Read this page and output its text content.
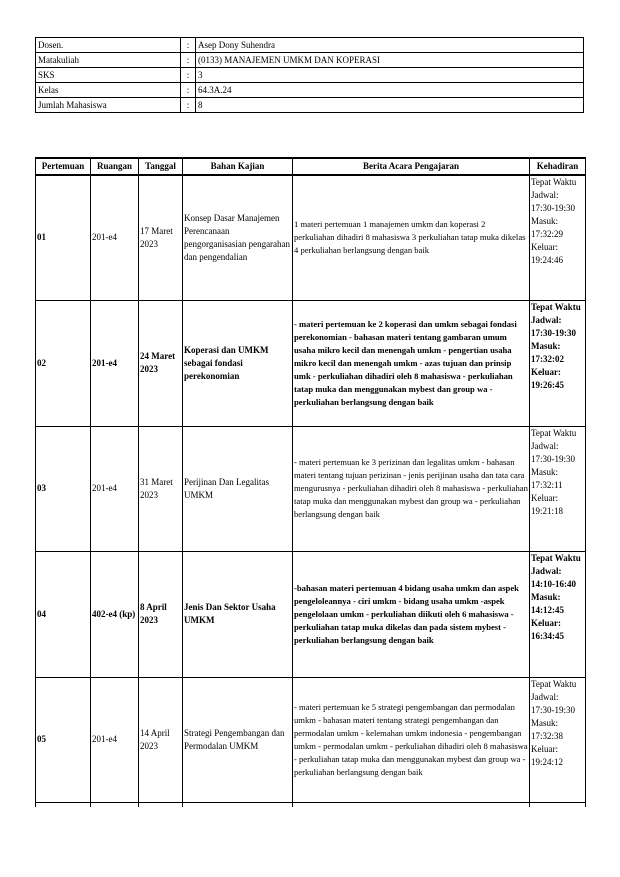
Dosen.	:	Asep Dony Suhendra
Matakuliah	:	(0133) MANAJEMEN UMKM DAN KOPERASI
SKS	:	3
Kelas	:	64.3A.24
Jumlah Mahasiswa	:	8
Pertemuan	Ruangan	Tanggal	Bahan Kajian	Berita Acara Pengajaran	Kehadiran
01	201-e4	17 Maret 2023	Konsep Dasar Manajemen Perencanaan pengorganisasian pengarahan dan pengendalian	1 materi pertemuan 1 manajemen umkm dan koperasi 2 perkuliahan dihadiri 8 mahasiswa 3 perkuliahan tatap muka dikelas 4 perkuliahan berlangsung dengan baik	Tepat Waktu Jadwal: 17:30-19:30 Masuk: 17:32:29 Keluar: 19:24:46
02	201-e4	24 Maret 2023	Koperasi dan UMKM sebagai fondasi perekonomian	- materi pertemuan ke 2 koperasi dan umkm sebagai fondasi perekonomian - bahasan materi tentang gambaran umum usaha mikro kecil dan menengah umkm - pengertian usaha mikro kecil dan menengah umkm - azas tujuan dan prinsip umk - perkuliahan dihadiri oleh 8 mahasiswa - perkuliahan tatap muka dan menggunakan mybest dan group wa - perkuliahan berlangsung dengan baik	Tepat Waktu Jadwal: 17:30-19:30 Masuk: 17:32:02 Keluar: 19:26:45
03	201-e4	31 Maret 2023	Perijinan Dan Legalitas UMKM	- materi pertemuan ke 3 perizinan dan legalitas umkm - bahasan materi tentang tujuan perizinan - jenis perijinan usaha dan tata cara mengurusnya - perkuliahan dihadiri oleh 8 mahasiswa - perkuliahan tatap muka dan menggunakan mybest dan group wa - perkuliahan berlangsung dengan baik	Tepat Waktu Jadwal: 17:30-19:30 Masuk: 17:32:11 Keluar: 19:21:18
04	402-e4 (kp)	8 April 2023	Jenis Dan Sektor Usaha UMKM	-bahasan materi pertemuan 4 bidang usaha umkm dan aspek pengeloleannya - ciri umkm - bidang usaha umkm -aspek pengelolaan umkm - perkuliahan diikuti oleh 6 mahasiswa - perkuliahan tatap muka dikelas dan pada sistem mybest - perkuliahan berlangsung dengan baik	Tepat Waktu Jadwal: 14:10-16:40 Masuk: 14:12:45 Keluar: 16:34:45
05	201-e4	14 April 2023	Strategi Pengembangan dan Permodalan UMKM	- materi pertemuan ke 5 strategi pengembangan dan permodalan umkm - bahasan materi tentang strategi pengembangan dan permodalan umkm - kelemahan umkm indonesia - pengembangan umkm - permodalan umkm - perkuliahan dihadiri oleh 8 mahasiswa - perkuliahan tatap muka dan menggunakan mybest dan group wa - perkuliahan berlangsung dengan baik	Tepat Waktu Jadwal: 17:30-19:30 Masuk: 17:32:38 Keluar: 19:24:12
